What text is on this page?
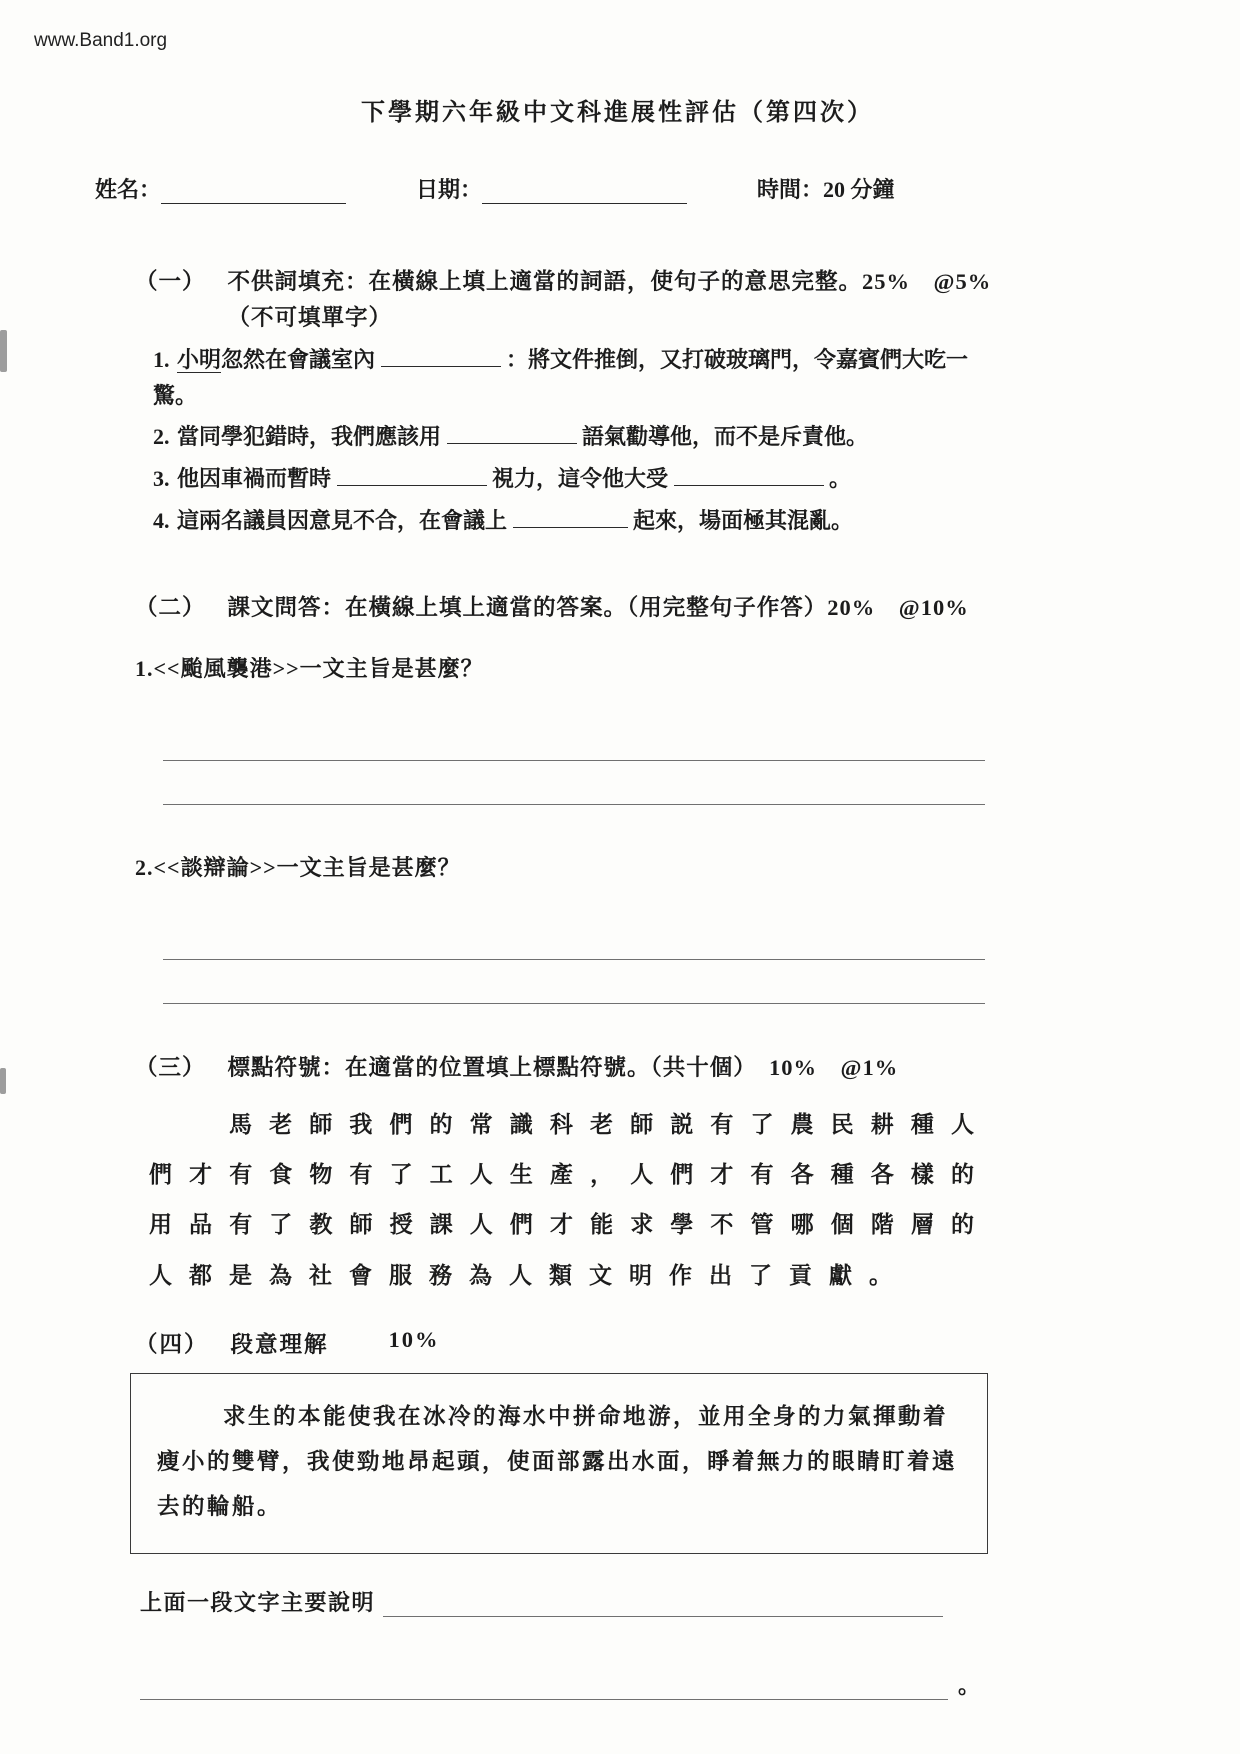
www.Band1.org
下學期六年級中文科進展性評估（第四次）
姓名：	日期：	時間：20 分鐘
（一） 不供詞填充：在橫線上填上適當的詞語，使句子的意思完整。25%　@5%
（不可填單字）
1. 小明忽然在會議室內	：將文件推倒，又打破玻璃門，令嘉賓們大吃一驚。
2. 當同學犯錯時，我們應該用	語氣勸導他，而不是斥責他。
3. 他因車禍而暫時	視力，這令他大受	。
4. 這兩名議員因意見不合，在會議上	起來，場面極其混亂。
（二） 課文問答：在橫線上填上適當的答案。（用完整句子作答）20%　@10%
1.<<颱風襲港>>一文主旨是甚麼？
2.<<談辯論>>一文主旨是甚麼？
（三） 標點符號：在適當的位置填上標點符號。（共十個）　10%　@1%
馬老師我們的常識科老師説有了農民耕種人們才有食物有了工人生產，人們才有各種各樣的用品有了教師授課人們才能求學不管哪個階層的人都是為社會服務為人類文明作出了貢獻。
（四） 段意理解	10%

求生的本能使我在冰冷的海水中拼命地游，並用全身的力氣揮動着瘦小的雙臂，我使勁地昂起頭，使面部露出水面，睜着無力的眼睛盯着遠去的輪船。

上面一段文字主要說明
。
